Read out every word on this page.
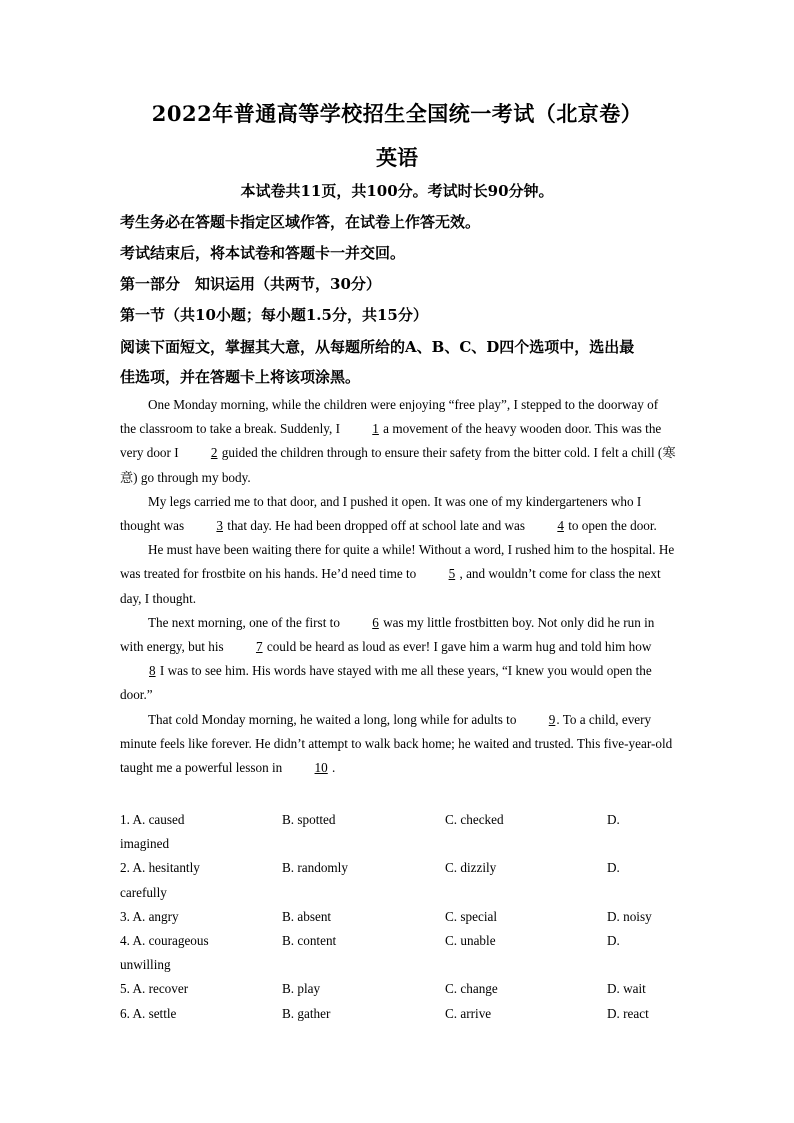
2022年普通高等学校招生全国统一考试（北京卷）
英语
本试卷共11页，共100分。考试时长90分钟。
考生务必在答题卡指定区域作答，在试卷上作答无效。
考试结束后，将本试卷和答题卡一并交回。
第一部分　知识运用（共两节，30分）
第一节（共10小题；每小题1.5分，共15分）
阅读下面短文，掌握其大意，从每题所给的A、B、C、D四个选项中，选出最
佳选项，并在答题卡上将该项涂黑。

One Monday morning, while the children were enjoying “free play”, I stepped to the doorway of the classroom to take a break. Suddenly, I 1 a movement of the heavy wooden door. This was the very door I 2 guided the children through to ensure their safety from the bitter cold. I felt a chill (寒意) go through my body.

My legs carried me to that door, and I pushed it open. It was one of my kindergarteners who I thought was 3 that day. He had been dropped off at school late and was 4 to open the door.

He must have been waiting there for quite a while! Without a word, I rushed him to the hospital. He was treated for frostbite on his hands. He’d need time to 5 , and wouldn’t come for class the next day, I thought.

The next morning, one of the first to 6 was my little frostbitten boy. Not only did he run in with energy, but his 7 could be heard as loud as ever! I gave him a warm hug and told him how 8 I was to see him. His words have stayed with me all these years, “I knew you would open the door.”

That cold Monday morning, he waited a long, long while for adults to 9. To a child, every minute feels like forever. He didn’t attempt to walk back home; he waited and trusted. This five-year-old taught me a powerful lesson in 10 .

1. A. caused	B. spotted	C. checked	D.
imagined
2. A. hesitantly	B. randomly	C. dizzily	D.
carefully
3. A. angry	B. absent	C. special	D. noisy
4. A. courageous	B. content	C. unable	D.
unwilling
5. A. recover	B. play	C. change	D. wait
6. A. settle	B. gather	C. arrive	D. react
